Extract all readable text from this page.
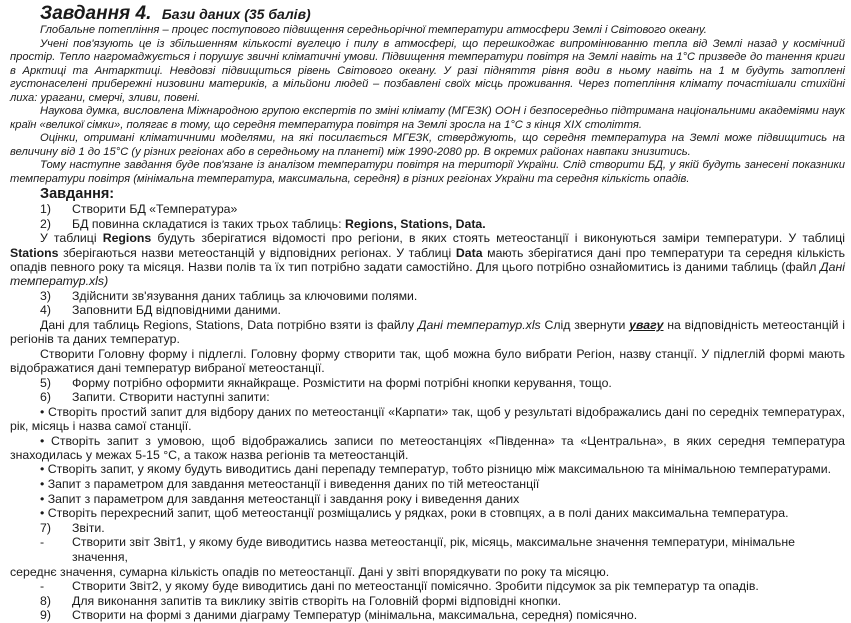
Завдання 4. Бази даних (35 балів)

Глобальне потепління – процес поступового підвищення середньорічної температури атмосфери Землі і Світового океану.

Учені пов'язують це із збільшенням кількості вуглецю і пилу в атмосфері, що перешкоджає випромінюванню тепла від Землі назад у космічний простір. Тепло нагромаджується і порушує звичні кліматичні умови. Підвищення температури повітря на Землі навіть на 1°С призведе до танення криги в Арктиці та Антарктиці. Невдовзі підвищиться рівень Світового океану. У разі підняття рівня води в ньому навіть на 1 м будуть затоплені густонаселені прибережні низовини материків, а мільйони людей – позбавлені своїх місць проживання. Через потепління клімату почастішали стихійні лиха: урагани, смерчі, зливи, повені.

Наукова думка, висловлена Міжнародною групою експертів по зміні клімату (МГЕЗК) ООН і безпосередньо підтримана національними академіями наук країн «великої сімки», полягає в тому, що середня температура повітря на Землі зросла на 1°С з кінця ХІХ століття.

Оцінки, отримані кліматичними моделями, на які посилається МГЕЗК, стверджують, що середня температура на Землі може підвищитись на величину від 1 до 15°С (у різних регіонах або в середньому на планеті) між 1990-2080 рр. В окремих районах навпаки знизитись.

Тому наступне завдання буде пов'язане із аналізом температури повітря на території України. Слід створити БД, у якій будуть занесені показники температури повітря (мінімальна температура, максимальна, середня) в різних регіонах України та середня кількість опадів.

Завдання:
1)	Створити БД «Температура»
2)	БД повинна складатися із таких трьох таблиць: Regions, Stations, Data.

У таблиці Regions будуть зберігатися відомості про регіони, в яких стоять метеостанції і виконуються заміри температури. У таблиці Stations зберігаються назви метеостанцій у відповідних регіонах. У таблиці Data мають зберігатися дані про температури та середня кількість опадів певного року та місяця. Назви полів та їх тип потрібно задати самостійно. Для цього потрібно ознайомитись із даними таблиць (файл Дані температур.xls)

3)	Здійснити зв'язування даних таблиць за ключовими полями.
4)	Заповнити БД відповідними даними.

Дані для таблиць Regions, Stations, Data потрібно взяти із файлу Дані температур.xls Слід звернути увагу на відповідність метеостанцій і регіонів та даних температур.

Створити Головну форму і підлеглі. Головну форму створити так, щоб можна було вибрати Регіон, назву станції. У підлеглій формі мають відображатися дані температур вибраної метеостанції.

5)	Форму потрібно оформити якнайкраще. Розмістити на формі потрібні кнопки керування, тощо.
6)	Запити. Створити наступні запити:

• Створіть простий запит для відбору даних по метеостанції «Карпати» так, щоб у результаті відображались дані по середніх температурах, рік, місяць і назва самої станції.

• Створіть запит з умовою, щоб відображались записи по метеостанціях «Південна» та «Центральна», в яких середня температура знаходилась у межах 5-15 °С, а також назва регіонів та метеостанцій.

• Створіть запит, у якому будуть виводитись дані перепаду температур, тобто різницю між максимальною та мінімальною температурами.
• Запит з параметром для завдання метеостанції і виведення даних по тій метеостанції
• Запит з параметром для завдання метеостанції і завдання року і виведення даних
• Створіть перехресний запит, щоб метеостанції розміщались у рядках, роки в стовпцях, а в полі даних максимальна температура.
7)	Звіти.
-	Створити звіт Звіт1, у якому буде виводитись назва метеостанції, рік, місяць, максимальне значення температури, мінімальне значення,

середнє значення, сумарна кількість опадів по метеостанції. Дані у звіті впорядкувати по року та місяцю.

-	Створити Звіт2, у якому буде виводитись дані по метеостанції помісячно. Зробити підсумок за рік температур та опадів.
8)	Для виконання запитів та виклику звітів створіть на Головній формі відповідні кнопки.
9)	Створити на формі з даними діаграму Температур (мінімальна, максимальна, середня) помісячно.
